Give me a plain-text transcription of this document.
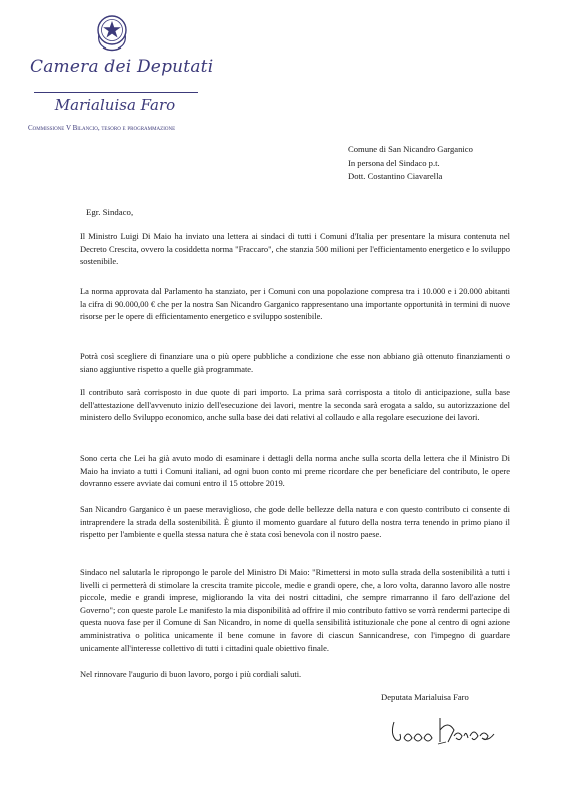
Camera dei Deputati
Marialuisa Faro
Commissione V Bilancio, tesoro e programmazione
Comune di San Nicandro Garganico
In persona del Sindaco p.t.
Dott. Costantino Ciavarella
Egr. Sindaco,

Il Ministro Luigi Di Maio ha inviato una lettera ai sindaci di tutti i Comuni d'Italia per presentare la misura contenuta nel Decreto Crescita, ovvero la cosiddetta norma "Fraccaro", che stanzia 500 milioni per l'efficientamento energetico e lo sviluppo sostenibile.

La norma approvata dal Parlamento ha stanziato, per i Comuni con una popolazione compresa tra i 10.000 e i 20.000 abitanti la cifra di 90.000,00 € che per la nostra San Nicandro Garganico rappresentano una importante opportunità in termini di nuove risorse per le opere di efficientamento energetico e sviluppo sostenibile.

Potrà così scegliere di finanziare una o più opere pubbliche a condizione che esse non abbiano già ottenuto finanziamenti o siano aggiuntive rispetto a quelle già programmate.

Il contributo sarà corrisposto in due quote di pari importo. La prima sarà corrisposta a titolo di anticipazione, sulla base dell'attestazione dell'avvenuto inizio dell'esecuzione dei lavori, mentre la seconda sarà erogata a saldo, su autorizzazione del ministero dello Sviluppo economico, anche sulla base dei dati relativi al collaudo e alla regolare esecuzione dei lavori.

Sono certa che Lei ha già avuto modo di esaminare i dettagli della norma anche sulla scorta della lettera che il Ministro Di Maio ha inviato a tutti i Comuni italiani, ad ogni buon conto mi preme ricordare che per beneficiare del contributo, le opere dovranno essere avviate dai comuni entro il 15 ottobre 2019.

San Nicandro Garganico è un paese meraviglioso, che gode delle bellezze della natura e con questo contributo ci consente di intraprendere la strada della sostenibilità. È giunto il momento guardare al futuro della nostra terra tenendo in primo piano il rispetto per l'ambiente e quella stessa natura che è stata così benevola con il nostro paese.

Sindaco nel salutarla le ripropongo le parole del Ministro Di Maio: "Rimettersi in moto sulla strada della sostenibilità a tutti i livelli ci permetterà di stimolare la crescita tramite piccole, medie e grandi opere, che, a loro volta, daranno lavoro alle nostre piccole, medie e grandi imprese, migliorando la vita dei nostri cittadini, che sempre rimarranno il faro dell'azione del Governo"; con queste parole Le manifesto la mia disponibilità ad offrire il mio contributo fattivo se vorrà rendermi partecipe di questa nuova fase per il Comune di San Nicandro, in nome di quella sensibilità istituzionale che pone al centro di ogni azione amministrativa o politica unicamente il bene comune in favore di ciascun Sannicandrese, con l'impegno di guardare unicamente all'interesse collettivo di tutti i cittadini quale obiettivo finale.

Nel rinnovare l'augurio di buon lavoro, porgo i più cordiali saluti.

Deputata Marialuisa Faro
